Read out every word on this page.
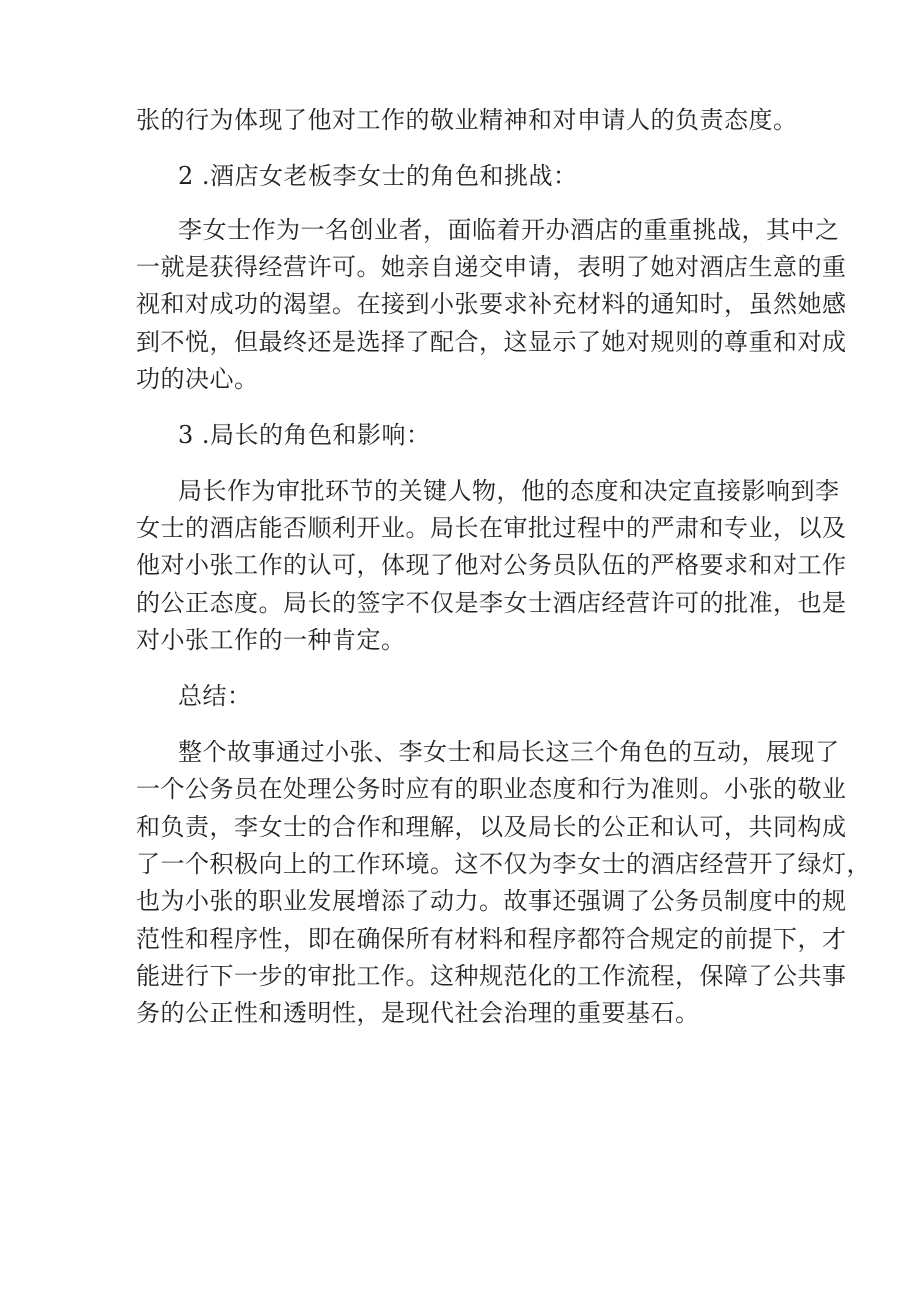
张的行为体现了他对工作的敬业精神和对申请人的负责态度。
2 .酒店女老板李女士的角色和挑战：
李女士作为一名创业者，面临着开办酒店的重重挑战，其中之
一就是获得经营许可。她亲自递交申请，表明了她对酒店生意的重
视和对成功的渴望。在接到小张要求补充材料的通知时，虽然她感
到不悦，但最终还是选择了配合，这显示了她对规则的尊重和对成
功的决心。
3 .局长的角色和影响：
局长作为审批环节的关键人物，他的态度和决定直接影响到李
女士的酒店能否顺利开业。局长在审批过程中的严肃和专业，以及
他对小张工作的认可，体现了他对公务员队伍的严格要求和对工作
的公正态度。局长的签字不仅是李女士酒店经营许可的批准，也是
对小张工作的一种肯定。
总结：
整个故事通过小张、李女士和局长这三个角色的互动，展现了
一个公务员在处理公务时应有的职业态度和行为准则。小张的敬业
和负责，李女士的合作和理解，以及局长的公正和认可，共同构成
了一个积极向上的工作环境。这不仅为李女士的酒店经营开了绿灯，
也为小张的职业发展增添了动力。故事还强调了公务员制度中的规
范性和程序性，即在确保所有材料和程序都符合规定的前提下，才
能进行下一步的审批工作。这种规范化的工作流程，保障了公共事
务的公正性和透明性，是现代社会治理的重要基石。
